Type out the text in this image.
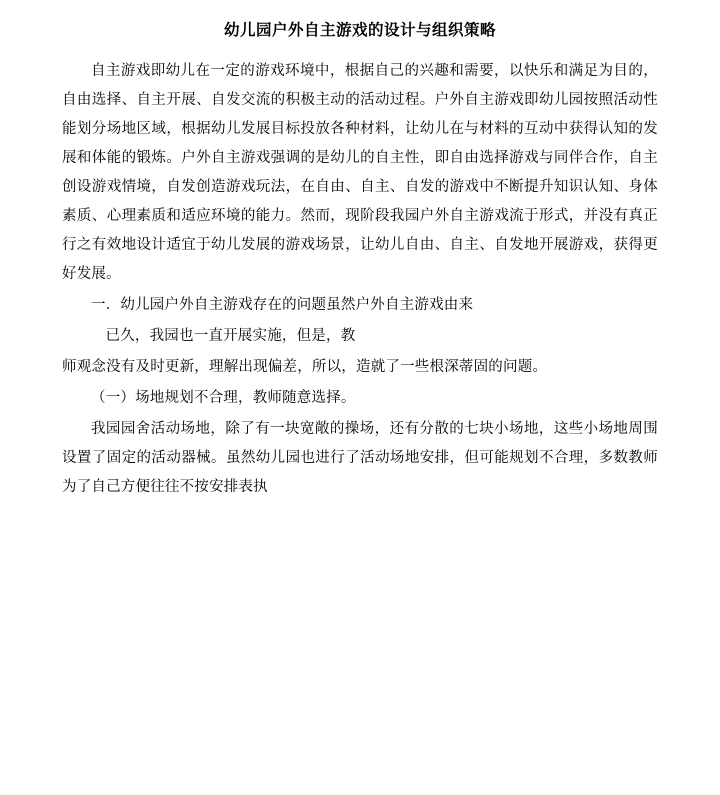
幼儿园户外自主游戏的设计与组织策略
自主游戏即幼儿在一定的游戏环境中，根据自己的兴趣和需要，以快乐和满足为目的，自由选择、自主开展、自发交流的积极主动的活动过程。户外自主游戏即幼儿园按照活动性能划分场地区域，根据幼儿发展目标投放各种材料，让幼儿在与材料的互动中获得认知的发展和体能的锻炼。户外自主游戏强调的是幼儿的自主性，即自由选择游戏与同伴合作，自主创设游戏情境，自发创造游戏玩法，在自由、自主、自发的游戏中不断提升知识认知、身体素质、心理素质和适应环境的能力。然而，现阶段我园户外自主游戏流于形式，并没有真正行之有效地设计适宜于幼儿发展的游戏场景，让幼儿自由、自主、自发地开展游戏，获得更好发展。
一．幼儿园户外自主游戏存在的问题虽然户外自主游戏由来
已久，我园也一直开展实施，但是，教
师观念没有及时更新，理解出现偏差，所以，造就了一些根深蒂固的问题。
（一）场地规划不合理，教师随意选择。
我园园舍活动场地，除了有一块宽敞的操场，还有分散的七块小场地，这些小场地周围设置了固定的活动器械。虽然幼儿园也进行了活动场地安排，但可能规划不合理，多数教师为了自己方便往往不按安排表执
